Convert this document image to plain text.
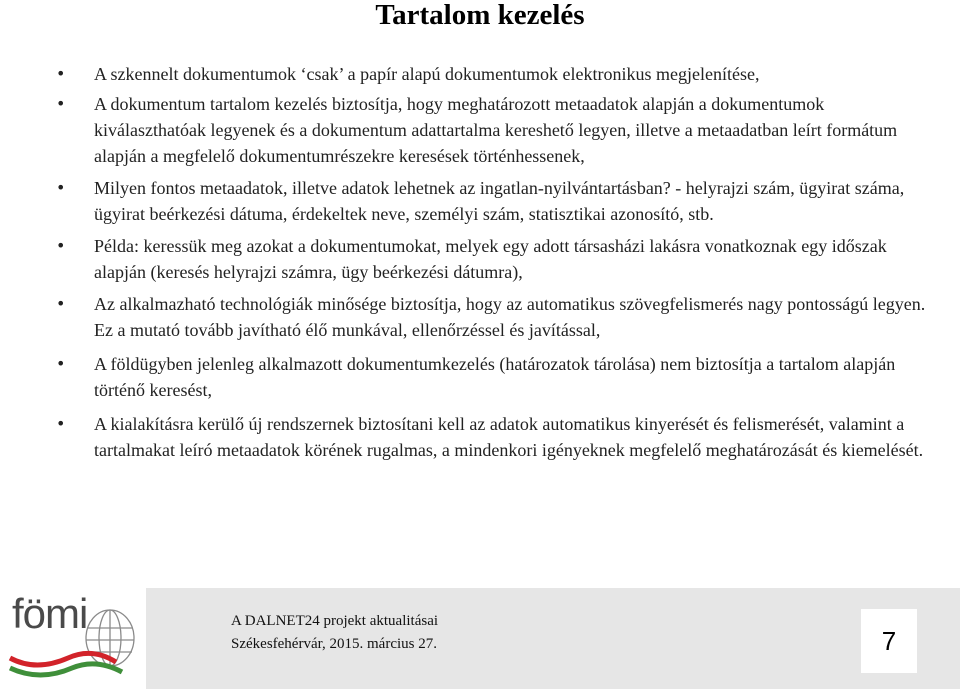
Tartalom kezelés
• A szkennelt dokumentumok ‘csak’ a papír alapú dokumentumok elektronikus megjelenítése,
• A dokumentum tartalom kezelés biztosítja, hogy meghatározott metaadatok alapján a dokumentumok kiválaszthatóak legyenek és a dokumentum adattartalma kereshető legyen, illetve a metaadatban leírt formátum alapján a megfelelő dokumentumrészekre keresések történhessenek,
• Milyen fontos metaadatok, illetve adatok lehetnek az ingatlan-nyilvántartásban? - helyrajzi szám, ügyirat száma, ügyirat beérkezési dátuma, érdekeltek neve, személyi szám, statisztikai azonosító, stb.
• Példa: keressük meg azokat a dokumentumokat, melyek egy adott társasházi lakásra vonatkoznak egy időszak alapján (keresés helyrajzi számra, ügy beérkezési dátumra),
• Az alkalmazható technológiák minősége biztosítja, hogy az automatikus szövegfelismerés nagy pontosságú legyen. Ez a mutató tovább javítható élő munkával, ellenőrzéssel és javítással,
• A földügyben jelenleg alkalmazott dokumentumkezelés (határozatok tárolása) nem biztosítja a tartalom alapján történő keresést,
• A kialakításra kerülő új rendszernek biztosítani kell az adatok automatikus kinyerését és felismerését, valamint a tartalmakat leíró metaadatok körének rugalmas, a mindenkori igényeknek megfelelő meghatározását és kiemelését.
fömi	A DALNET24 projekt aktualitásai
Székesfehérvár, 2015. március 27.	7
